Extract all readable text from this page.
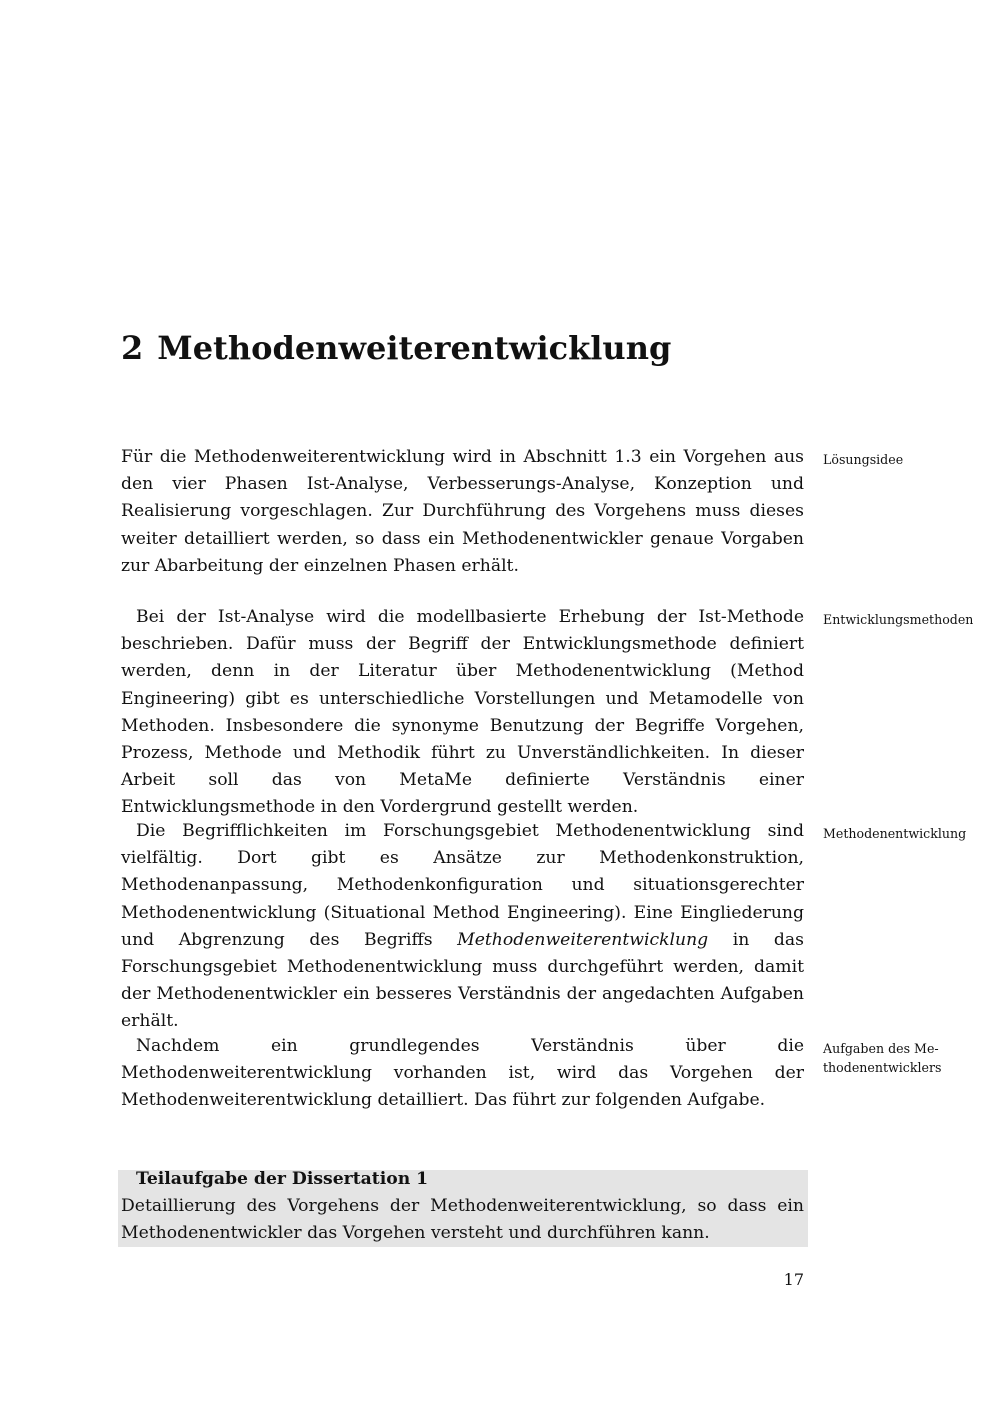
2 Methodenweiterentwicklung

Für die Methodenweiterentwicklung wird in Abschnitt 1.3 ein Vorgehen aus den vier Phasen Ist-Analyse, Verbesserungs-Analyse, Konzeption und Realisierung vorgeschlagen. Zur Durchführung des Vorgehens muss dieses weiter detailliert werden, so dass ein Methodenentwickler genaue Vorgaben zur Abarbeitung der einzelnen Phasen erhält.

Lösungsidee

Bei der Ist-Analyse wird die modellbasierte Erhebung der Ist-Methode beschrieben. Dafür muss der Begriff der Entwicklungsmethode definiert werden, denn in der Literatur über Methodenentwicklung (Method Engineering) gibt es unterschiedliche Vorstellungen und Metamodelle von Methoden. Insbesondere die synonyme Benutzung der Begriffe Vorgehen, Prozess, Methode und Methodik führt zu Unverständlichkeiten. In dieser Arbeit soll das von MetaMe definierte Verständnis einer Entwicklungsmethode in den Vordergrund gestellt werden.

Entwicklungsmethoden

Die Begrifflichkeiten im Forschungsgebiet Methodenentwicklung sind vielfältig. Dort gibt es Ansätze zur Methodenkonstruktion, Methodenanpassung, Methodenkonfiguration und situationsgerechter Methodenentwicklung (Situational Method Engineering). Eine Eingliederung und Abgrenzung des Begriffs Methodenweiterentwicklung in das Forschungsgebiet Methodenentwicklung muss durchgeführt werden, damit der Methodenentwickler ein besseres Verständnis der angedachten Aufgaben erhält.

Methodenentwicklung

Nachdem ein grundlegendes Verständnis über die Methodenweiterentwicklung vorhanden ist, wird das Vorgehen der Methodenweiterentwicklung detailliert. Das führt zur folgenden Aufgabe.

Aufgaben des Me-
thodenentwicklers

Teilaufgabe der Dissertation 1

Detaillierung des Vorgehens der Methodenweiterentwicklung, so dass ein Methodenentwickler das Vorgehen versteht und durchführen kann.

17
